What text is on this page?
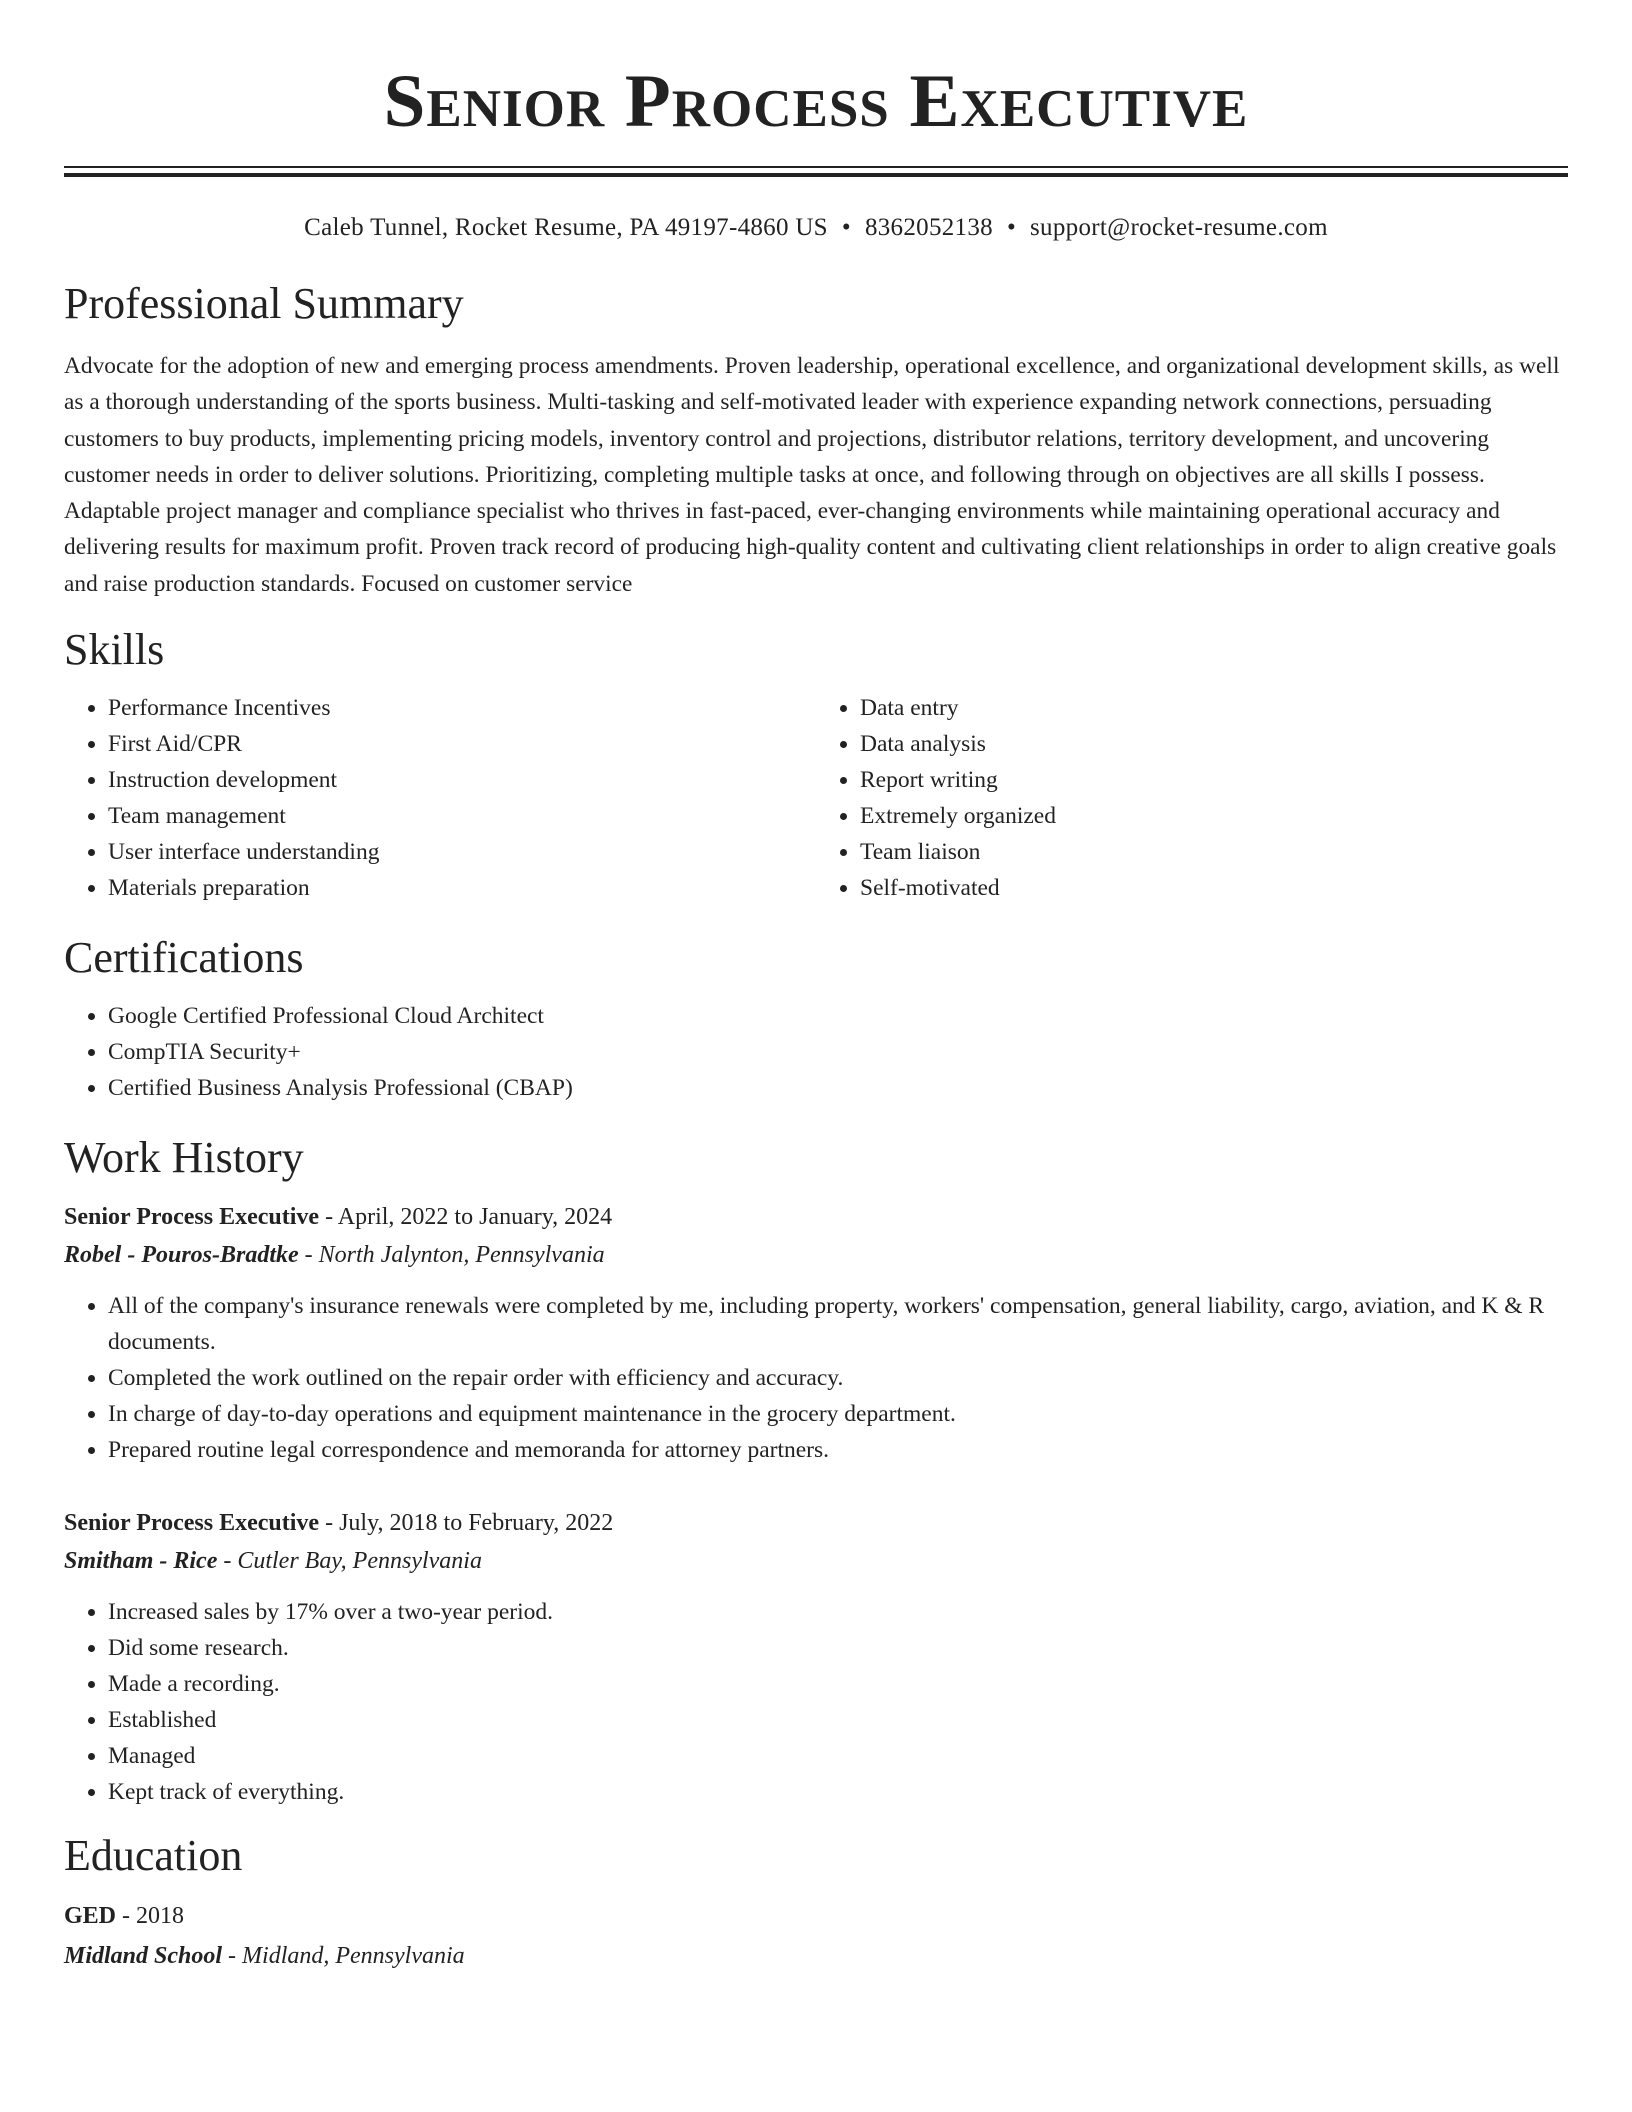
Senior Process Executive
Caleb Tunnel, Rocket Resume, PA 49197-4860 US • 8362052138 • support@rocket-resume.com
Professional Summary
Advocate for the adoption of new and emerging process amendments. Proven leadership, operational excellence, and organizational development skills, as well as a thorough understanding of the sports business. Multi-tasking and self-motivated leader with experience expanding network connections, persuading customers to buy products, implementing pricing models, inventory control and projections, distributor relations, territory development, and uncovering customer needs in order to deliver solutions. Prioritizing, completing multiple tasks at once, and following through on objectives are all skills I possess. Adaptable project manager and compliance specialist who thrives in fast-paced, ever-changing environments while maintaining operational accuracy and delivering results for maximum profit. Proven track record of producing high-quality content and cultivating client relationships in order to align creative goals and raise production standards. Focused on customer service
Skills
• Performance Incentives
• First Aid/CPR
• Instruction development
• Team management
• User interface understanding
• Materials preparation
• Data entry
• Data analysis
• Report writing
• Extremely organized
• Team liaison
• Self-motivated
Certifications
• Google Certified Professional Cloud Architect
• CompTIA Security+
• Certified Business Analysis Professional (CBAP)
Work History
Senior Process Executive - April, 2022 to January, 2024
Robel - Pouros-Bradtke - North Jalynton, Pennsylvania
• All of the company's insurance renewals were completed by me, including property, workers' compensation, general liability, cargo, aviation, and K & R documents.
• Completed the work outlined on the repair order with efficiency and accuracy.
• In charge of day-to-day operations and equipment maintenance in the grocery department.
• Prepared routine legal correspondence and memoranda for attorney partners.
Senior Process Executive - July, 2018 to February, 2022
Smitham - Rice - Cutler Bay, Pennsylvania
• Increased sales by 17% over a two-year period.
• Did some research.
• Made a recording.
• Established
• Managed
• Kept track of everything.
Education
GED - 2018
Midland School - Midland, Pennsylvania
